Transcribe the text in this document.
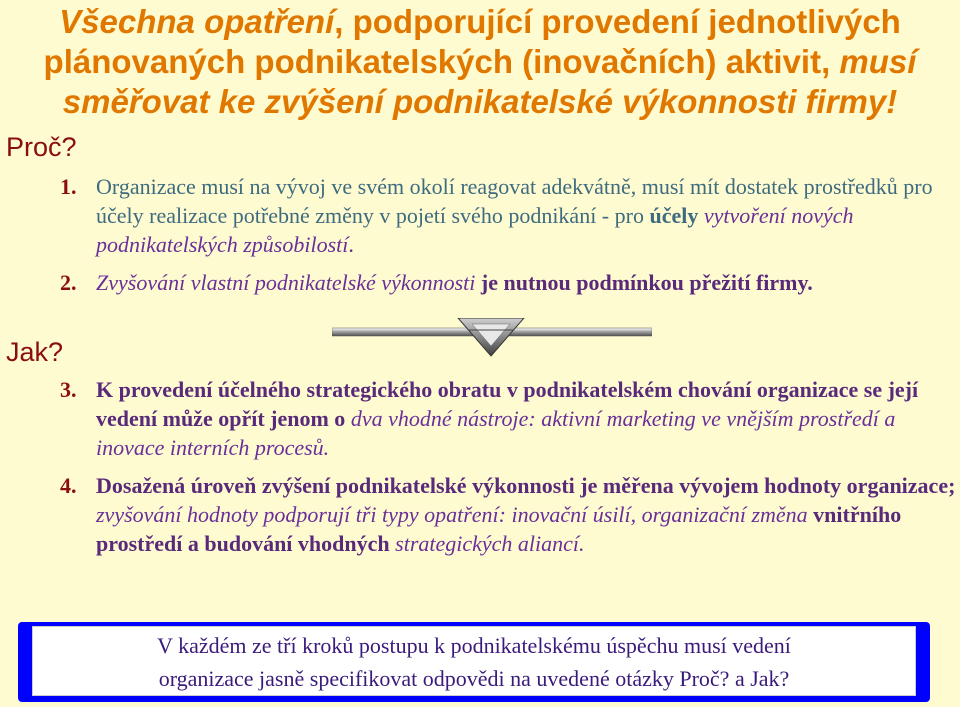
Všechna opatření, podporující provedení jednotlivých
plánovaných podnikatelských (inovačních) aktivit, musí
směřovat ke zvýšení podnikatelské výkonnosti firmy!
Proč?
1. Organizace musí na vývoj ve svém okolí reagovat adekvátně, musí mít dostatek prostředků pro účely realizace potřebné změny v pojetí svého podnikání - pro účely vytvoření nových podnikatelských způsobilostí.
2. Zvyšování vlastní podnikatelské výkonnosti je nutnou podmínkou přežití firmy.
Jak?
3. K provedení účelného strategického obratu v podnikatelském chování organizace se její vedení může opřít jenom o dva vhodné nástroje: aktivní marketing ve vnějším prostředí a inovace interních procesů.
4. Dosažená úroveň zvýšení podnikatelské výkonnosti je měřena vývojem hodnoty organizace; zvyšování hodnoty podporují tři typy opatření: inovační úsilí, organizační změna vnitřního prostředí a budování vhodných strategických aliancí.
V každém ze tří kroků postupu k podnikatelskému úspěchu musí vedení
organizace jasně specifikovat odpovědi na uvedené otázky Proč? a Jak?
